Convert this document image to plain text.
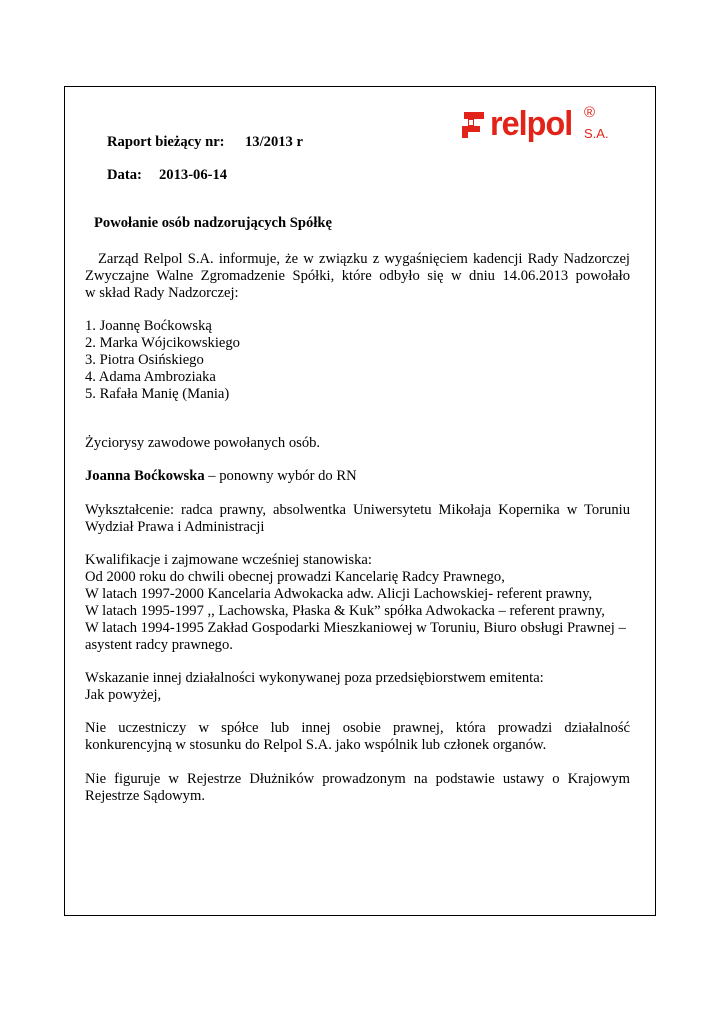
relpol ®
S.A.
Raport bieżący nr: 13/2013 r
Data: 2013-06-14
Powołanie osób nadzorujących Spółkę
Zarząd Relpol S.A. informuje, że w związku z wygaśnięciem kadencji Rady Nadzorczej
Zwyczajne Walne Zgromadzenie Spółki, które odbyło się w dniu 14.06.2013 powołało
w skład Rady Nadzorczej:
1. Joannę Boćkowską
2. Marka Wójcikowskiego
3. Piotra Osińskiego
4. Adama Ambroziaka
5. Rafała Manię (Mania)
Życiorysy zawodowe powołanych osób.
Joanna Boćkowska – ponowny wybór do RN
Wykształcenie: radca prawny, absolwentka Uniwersytetu Mikołaja Kopernika w Toruniu
Wydział Prawa i Administracji
Kwalifikacje i zajmowane wcześniej stanowiska:
Od 2000 roku do chwili obecnej prowadzi Kancelarię Radcy Prawnego,
W latach 1997-2000 Kancelaria Adwokacka adw. Alicji Lachowskiej- referent prawny,
W latach 1995-1997 ,, Lachowska, Płaska & Kuk” spółka Adwokacka – referent prawny,
W latach 1994-1995 Zakład Gospodarki Mieszkaniowej w Toruniu, Biuro obsługi Prawnej –
asystent radcy prawnego.
Wskazanie innej działalności wykonywanej poza przedsiębiorstwem emitenta:
Jak powyżej,
Nie uczestniczy w spółce lub innej osobie prawnej, która prowadzi działalność
konkurencyjną w stosunku do Relpol S.A. jako wspólnik lub członek organów.
Nie figuruje w Rejestrze Dłużników prowadzonym na podstawie ustawy o Krajowym
Rejestrze Sądowym.
